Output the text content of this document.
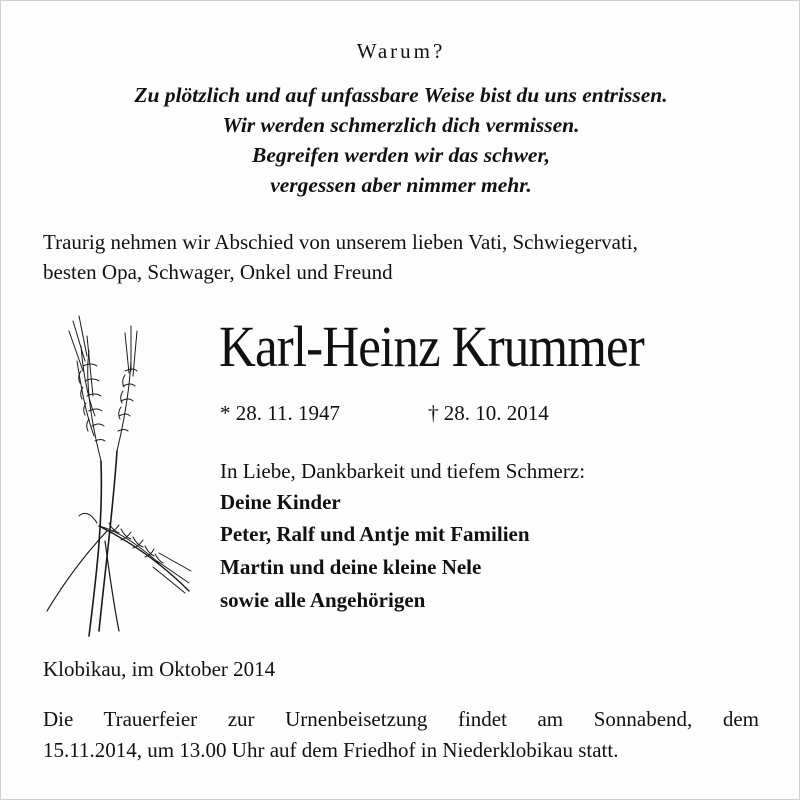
Warum?
Zu plötzlich und auf unfassbare Weise bist du uns entrissen.
Wir werden schmerzlich dich vermissen.
Begreifen werden wir das schwer,
vergessen aber nimmer mehr.
Traurig nehmen wir Abschied von unserem lieben Vati, Schwiegervati,
besten Opa, Schwager, Onkel und Freund
Karl-Heinz Krummer
* 28. 11. 1947	† 28. 10. 2014
In Liebe, Dankbarkeit und tiefem Schmerz:
Deine Kinder
Peter, Ralf und Antje mit Familien
Martin und deine kleine Nele
sowie alle Angehörigen
Klobikau, im Oktober 2014
Die Trauerfeier zur Urnenbeisetzung findet am Sonnabend, dem
15.11.2014, um 13.00 Uhr auf dem Friedhof in Niederklobikau statt.
